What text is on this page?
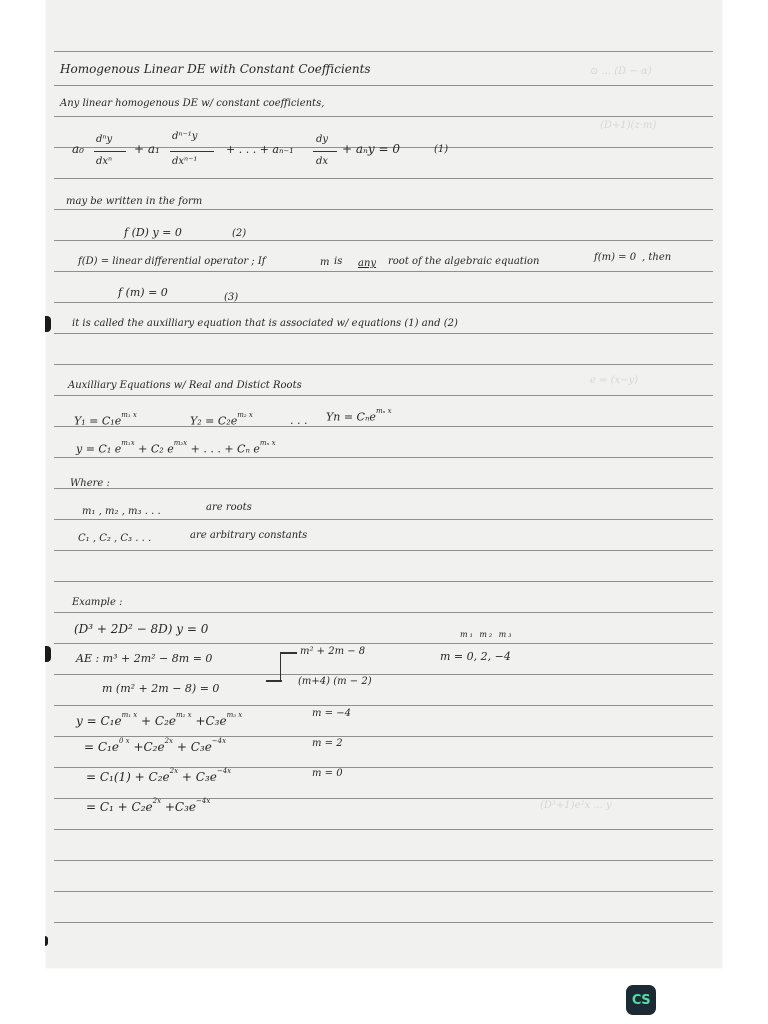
⊙ ... (D − α)
(D+1)(z·m)
e ≈ (x−y)
(D²+1)e²x ... y
Homogenous Linear DE with Constant Coefficients
Any linear homogenous DE w/ constant coefficients,
a₀
dⁿy
dxⁿ
+ a₁
dⁿ⁻¹y
dxⁿ⁻¹
+ . . . + aₙ₋₁
dy
dx
+ aₙy = 0	(1)
may be written in the form
f (D) y = 0	(2)
f(D) = linear differential operator ; If	m is any root of the algebraic equation	f(m) = 0 , then
f (m) = 0	(3)
it is called the auxilliary equation that is associated w/ equations (1) and (2)
Auxilliary Equations w/ Real and Distict Roots
$Y_1 = C_1e^{m_1 x}$	$Y_2 = C_2e^{m_2 x}$	. . . Yn = Cₙe$^{m_n x}$
y = C₁ $e^{m_1x} + C_2$ $e^{m_2x}$ + . . . + Cₙ $e^{m_n x}$
Where :
m₁ , m₂ , m₃ . . .	are roots
C₁ , C₂ , C₃ . . .	are arbitrary constants
Example :
(D³ + 2D² − 8D) y = 0	m₁ m₂ m₃
AE : m³ + 2m² − 8m = 0
m² + 2m − 8	m = 0, 2, −4
m (m² + 2m − 8) = 0
(m+4) (m − 2)
$y = C_1e^{m_1 x} + C_2e^{m_2 x} +C_3e^{m_3 x}$	m = −4
= $C_1e^{0 x} +C_2e^{2x} + C_3e^{-4x}$	m = 2
= $C_1(1) + C_2e^{2x} + C_3e^{-4x}$	m = 0
= $C_1 + C_2e^{2x} +C_3e^{-4x}$
CS
